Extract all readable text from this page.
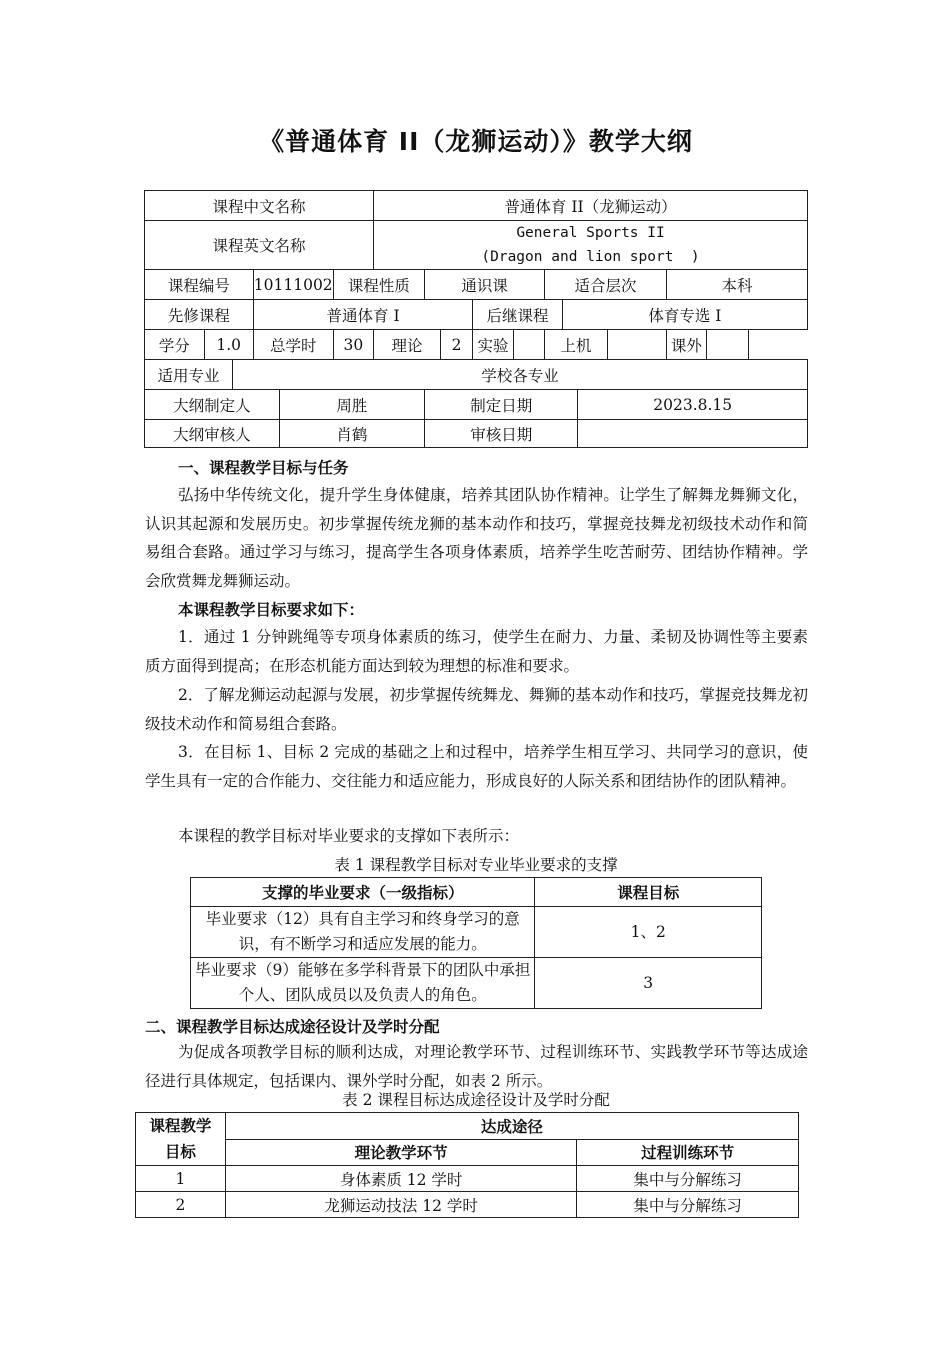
《普通体育 II（龙狮运动）》教学大纲
课程中文名称						普通体育 II（龙狮运动）										
课程英文名称						General Sports II
(Dragon and lion sport  )										

课程编号			10111002		课程性质		通识课				适合层次				本科	
先修课程			普通体育 I						后继课程			体育专选 I				
学分	1.0		总学时		30	理论		2	实验		上机				课外	
适用专业		学校各专业														
大纲制定人				周胜			制定日期						2023.8.15			
大纲审核人				肖鹤			审核日期									
一、课程教学目标与任务
弘扬中华传统文化，提升学生身体健康，培养其团队协作精神。让学生了解舞龙舞狮文化，认识其起源和发展历史。初步掌握传统龙狮的基本动作和技巧，掌握竞技舞龙初级技术动作和简易组合套路。通过学习与练习，提高学生各项身体素质，培养学生吃苦耐劳、团结协作精神。学会欣赏舞龙舞狮运动。
本课程教学目标要求如下：
1．通过 1 分钟跳绳等专项身体素质的练习，使学生在耐力、力量、柔韧及协调性等主要素质方面得到提高；在形态机能方面达到较为理想的标准和要求。
2．了解龙狮运动起源与发展，初步掌握传统舞龙、舞狮的基本动作和技巧，掌握竞技舞龙初级技术动作和简易组合套路。
3．在目标 1、目标 2 完成的基础之上和过程中，培养学生相互学习、共同学习的意识，使学生具有一定的合作能力、交往能力和适应能力，形成良好的人际关系和团结协作的团队精神。
本课程的教学目标对毕业要求的支撑如下表所示：
表 1 课程教学目标对专业毕业要求的支撑
支撑的毕业要求（一级指标）	课程目标
毕业要求（12）具有自主学习和终身学习的意识，有不断学习和适应发展的能力。	1、2
毕业要求（9）能够在多学科背景下的团队中承担个人、团队成员以及负责人的角色。	3
二、课程教学目标达成途径设计及学时分配
为促成各项教学目标的顺利达成，对理论教学环节、过程训练环节、实践教学环节等达成途径进行具体规定，包括课内、课外学时分配，如表 2 所示。
表 2 课程目标达成途径设计及学时分配
课程教学
目标	达成途径	
	理论教学环节	过程训练环节
1	身体素质 12 学时	集中与分解练习
2	龙狮运动技法 12 学时	集中与分解练习
